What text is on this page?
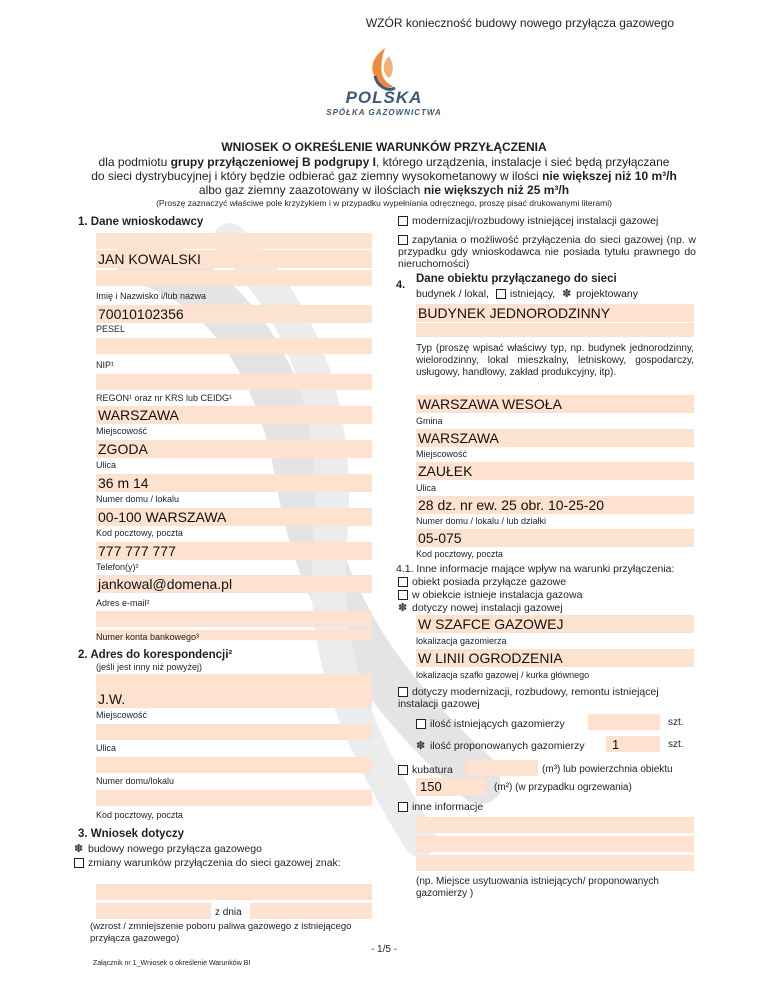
WZÓR konieczność budowy nowego przyłącza gazowego
POLSKA
SPÓŁKA GAZOWNICTWA
WNIOSEK O OKREŚLENIE WARUNKÓW PRZYŁĄCZENIA
dla podmiotu grupy przyłączeniowej B podgrupy I, którego urządzenia, instalacje i sieć będą przyłączane
do sieci dystrybucyjnej i który będzie odbierać gaz ziemny wysokometanowy w ilości nie większej niż 10 m³/h
albo gaz ziemny zaazotowany w ilościach nie większych niż 25 m³/h
(Proszę zaznaczyć właściwe pole krzyżykiem i w przypadku wypełniania odręcznego, proszę pisać drukowanymi literami)
1. Dane wnioskodawcy
JAN KOWALSKI
Imię i Nazwisko i/lub nazwa
70010102356
PESEL
NIP¹
REGON¹ oraz nr KRS lub CEIDG¹
WARSZAWA
Miejscowość
ZGODA
Ulica
36 m 14
Numer domu / lokalu
00-100 WARSZAWA
Kod pocztowy, poczta
777 777 777
Telefon(y)²
jankowal@domena.pl
Adres e-mail²
Numer konta bankowego³
2. Adres do korespondencji²
(jeśli jest inny niż powyżej)
J.W.
Miejscowość
Ulica
Numer domu/lokalu
Kod pocztowy, poczta
3. Wniosek dotyczy
✽ budowy nowego przyłącza gazowego
zmiany warunków przyłączenia do sieci gazowej znak:
z dnia
(wzrost / zmniejszenie poboru paliwa gazowego z istniejącego przyłącza gazowego)
modernizacji/rozbudowy istniejącej instalacji gazowej
zapytania o możliwość przyłączenia do sieci gazowej (np. w przypadku gdy wnioskodawca nie posiada tytułu prawnego do nieruchomości)
4. Dane obiektu przyłączanego do sieci
budynek / lokal, istniejący, ✽ projektowany
BUDYNEK JEDNORODZINNY
Typ (proszę wpisać właściwy typ, np. budynek jednorodzinny, wielorodzinny, lokal mieszkalny, letniskowy, gospodarczy, usługowy, handlowy, zakład produkcyjny, itp).
WARSZAWA WESOŁA
Gmina
WARSZAWA
Miejscowość
ZAUŁEK
Ulica
28 dz. nr ew. 25 obr. 10-25-20
Numer domu / lokalu / lub działki
05-075
Kod pocztowy, poczta
4.1. Inne informacje mające wpływ na warunki przyłączenia:
obiekt posiada przyłącze gazowe
w obiekcie istnieje instalacja gazowa
✽ dotyczy nowej instalacji gazowej
W SZAFCE GAZOWEJ
lokalizacja gazomierza
W LINII OGRODZENIA
lokalizacja szafki gazowej / kurka głównego
dotyczy modernizacji, rozbudowy, remontu istniejącej instalacji gazowej
ilość istniejących gazomierzy	szt.
✽ ilość proponowanych gazomierzy	1	szt.
kubatura	(m³) lub powierzchnia obiektu
150	(m²) (w przypadku ogrzewania)
inne informacje
(np. Miejsce usytuowania istniejących/ proponowanych gazomierzy )
- 1/5 -
Załącznik nr 1_Wniosek o określenie Warunków BI
